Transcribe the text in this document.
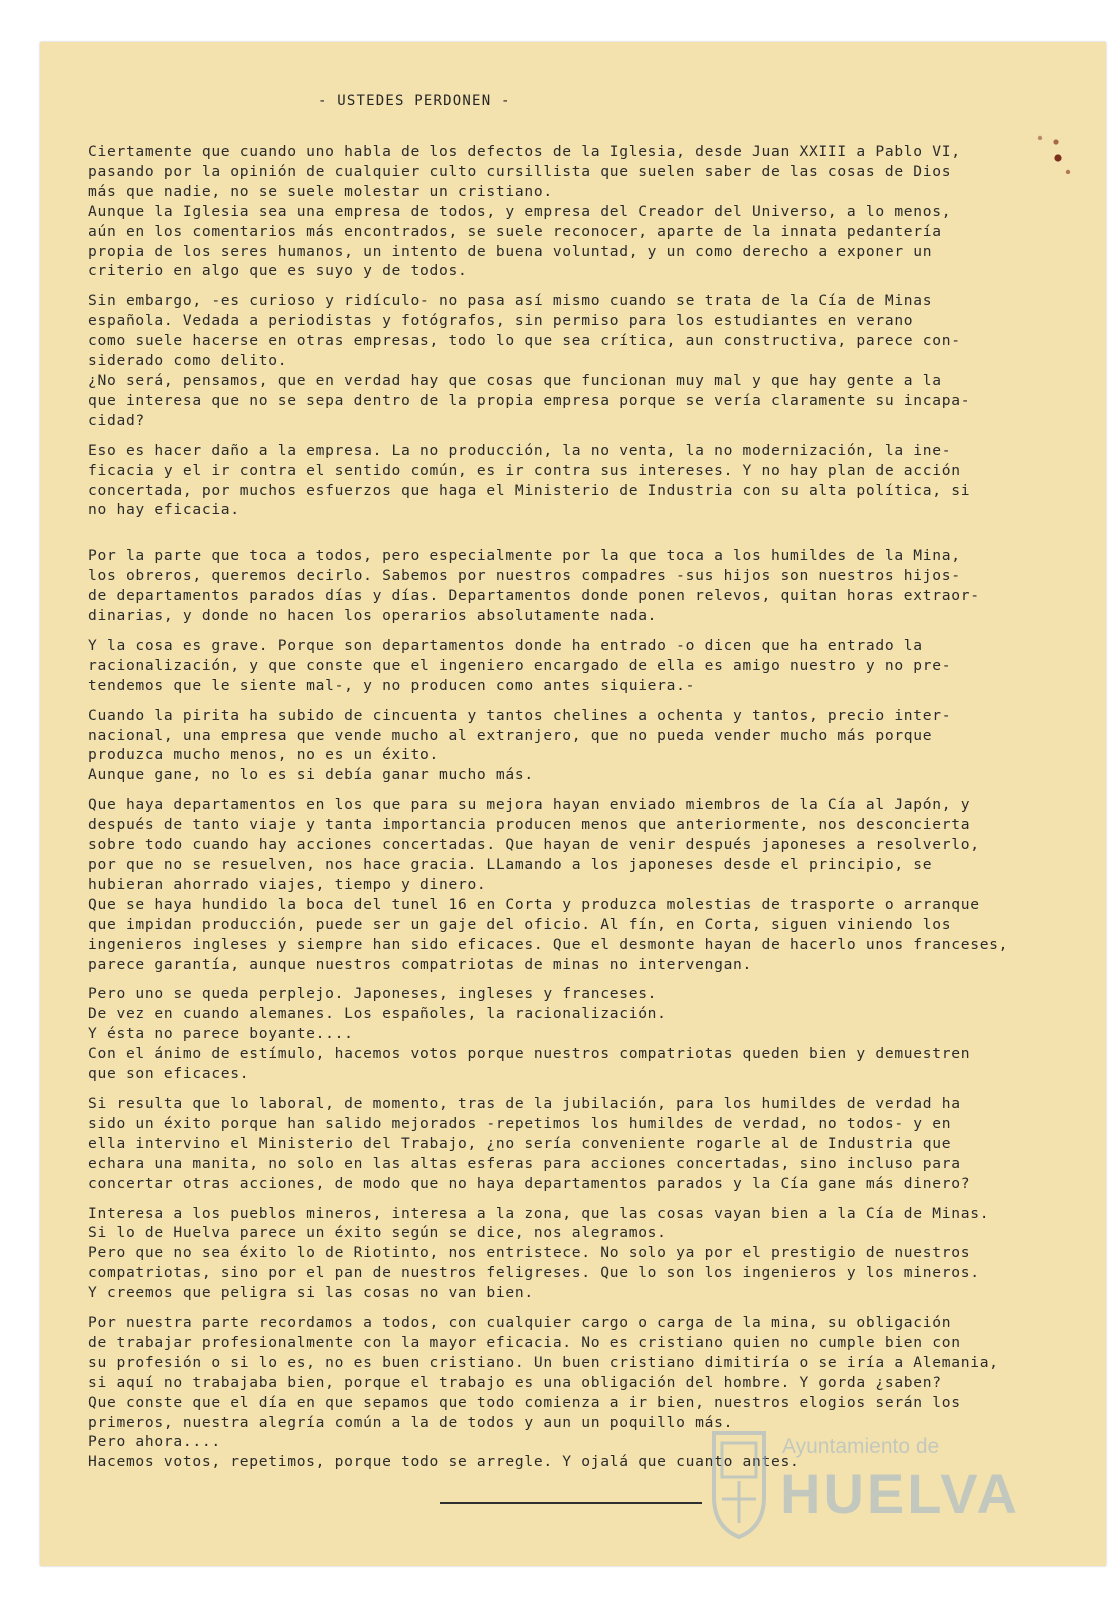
- USTEDES PERDONEN -
Ciertamente que cuando uno habla de los defectos de la Iglesia, desde Juan XXIII a Pablo VI,
pasando por la opinión de cualquier culto cursillista que suelen saber de las cosas de Dios
más que nadie, no se suele molestar un cristiano.
Aunque la Iglesia sea una empresa de todos, y empresa del Creador del Universo, a lo menos,
aún en los comentarios más encontrados, se suele reconocer, aparte de la innata pedantería
propia de los seres humanos, un intento de buena voluntad, y un como derecho a exponer un
criterio en algo que es suyo y de todos.
Sin embargo, -es curioso y ridículo- no pasa así mismo cuando se trata de la Cía de Minas
española. Vedada a periodistas y fotógrafos, sin permiso para los estudiantes en verano
como suele hacerse en otras empresas, todo lo que sea crítica, aun constructiva, parece con-
siderado como delito.
¿No será, pensamos, que en verdad hay que cosas que funcionan muy mal y que hay gente a la
que interesa que no se sepa dentro de la propia empresa porque se vería claramente su incapa-
cidad?
Eso es hacer daño a la empresa. La no producción, la no venta, la no modernización, la ine-
ficacia y el ir contra el sentido común, es ir contra sus intereses. Y no hay plan de acción
concertada, por muchos esfuerzos que haga el Ministerio de Industria con su alta política, si
no hay eficacia.
Por la parte que toca a todos, pero especialmente por la que toca a los humildes de la Mina,
los obreros, queremos decirlo. Sabemos por nuestros compadres -sus hijos son nuestros hijos-
de departamentos parados días y días. Departamentos donde ponen relevos, quitan horas extraor-
dinarias, y donde no hacen los operarios absolutamente nada.
Y la cosa es grave. Porque son departamentos donde ha entrado -o dicen que ha entrado la
racionalización, y que conste que el ingeniero encargado de ella es amigo nuestro y no pre-
tendemos que le siente mal-, y no producen como antes siquiera.-
Cuando la pirita ha subido de cincuenta y tantos chelines a ochenta y tantos, precio inter-
nacional, una empresa que vende mucho al extranjero, que no pueda vender mucho más porque
produzca mucho menos, no es un éxito.
Aunque gane, no lo es si debía ganar mucho más.
Que haya departamentos en los que para su mejora hayan enviado miembros de la Cía al Japón, y
después de tanto viaje y tanta importancia producen menos que anteriormente, nos desconcierta
sobre todo cuando hay acciones concertadas. Que hayan de venir después japoneses a resolverlo,
por que no se resuelven, nos hace gracia. LLamando a los japoneses desde el principio, se
hubieran ahorrado viajes, tiempo y dinero.
Que se haya hundido la boca del tunel 16 en Corta y produzca molestias de trasporte o arranque
que impidan producción, puede ser un gaje del oficio. Al fín, en Corta, siguen viniendo los
ingenieros ingleses y siempre han sido eficaces. Que el desmonte hayan de hacerlo unos franceses,
parece garantía, aunque nuestros compatriotas de minas no intervengan.
Pero uno se queda perplejo. Japoneses, ingleses y franceses.
De vez en cuando alemanes. Los españoles, la racionalización.
Y ésta no parece boyante....
Con el ánimo de estímulo, hacemos votos porque nuestros compatriotas queden bien y demuestren
que son eficaces.
Si resulta que lo laboral, de momento, tras de la jubilación, para los humildes de verdad ha
sido un éxito porque han salido mejorados -repetimos los humildes de verdad, no todos- y en
ella intervino el Ministerio del Trabajo, ¿no sería conveniente rogarle al de Industria que
echara una manita, no solo en las altas esferas para acciones concertadas, sino incluso para
concertar otras acciones, de modo que no haya departamentos parados y la Cía gane más dinero?
Interesa a los pueblos mineros, interesa a la zona, que las cosas vayan bien a la Cía de Minas.
Si lo de Huelva parece un éxito según se dice, nos alegramos.
Pero que no sea éxito lo de Riotinto, nos entristece. No solo ya por el prestigio de nuestros
compatriotas, sino por el pan de nuestros feligreses. Que lo son los ingenieros y los mineros.
Y creemos que peligra si las cosas no van bien.
Por nuestra parte recordamos a todos, con cualquier cargo o carga de la mina, su obligación
de trabajar profesionalmente con la mayor eficacia. No es cristiano quien no cumple bien con
su profesión o si lo es, no es buen cristiano. Un buen cristiano dimitiría o se iría a Alemania,
si aquí no trabajaba bien, porque el trabajo es una obligación del hombre. Y gorda ¿saben?
Que conste que el día en que sepamos que todo comienza a ir bien, nuestros elogios serán los
primeros, nuestra alegría común a la de todos y aun un poquillo más.
Pero ahora....
Hacemos votos, repetimos, porque todo se arregle. Y ojalá que cuanto antes.
Ayuntamiento de
HUELVA
